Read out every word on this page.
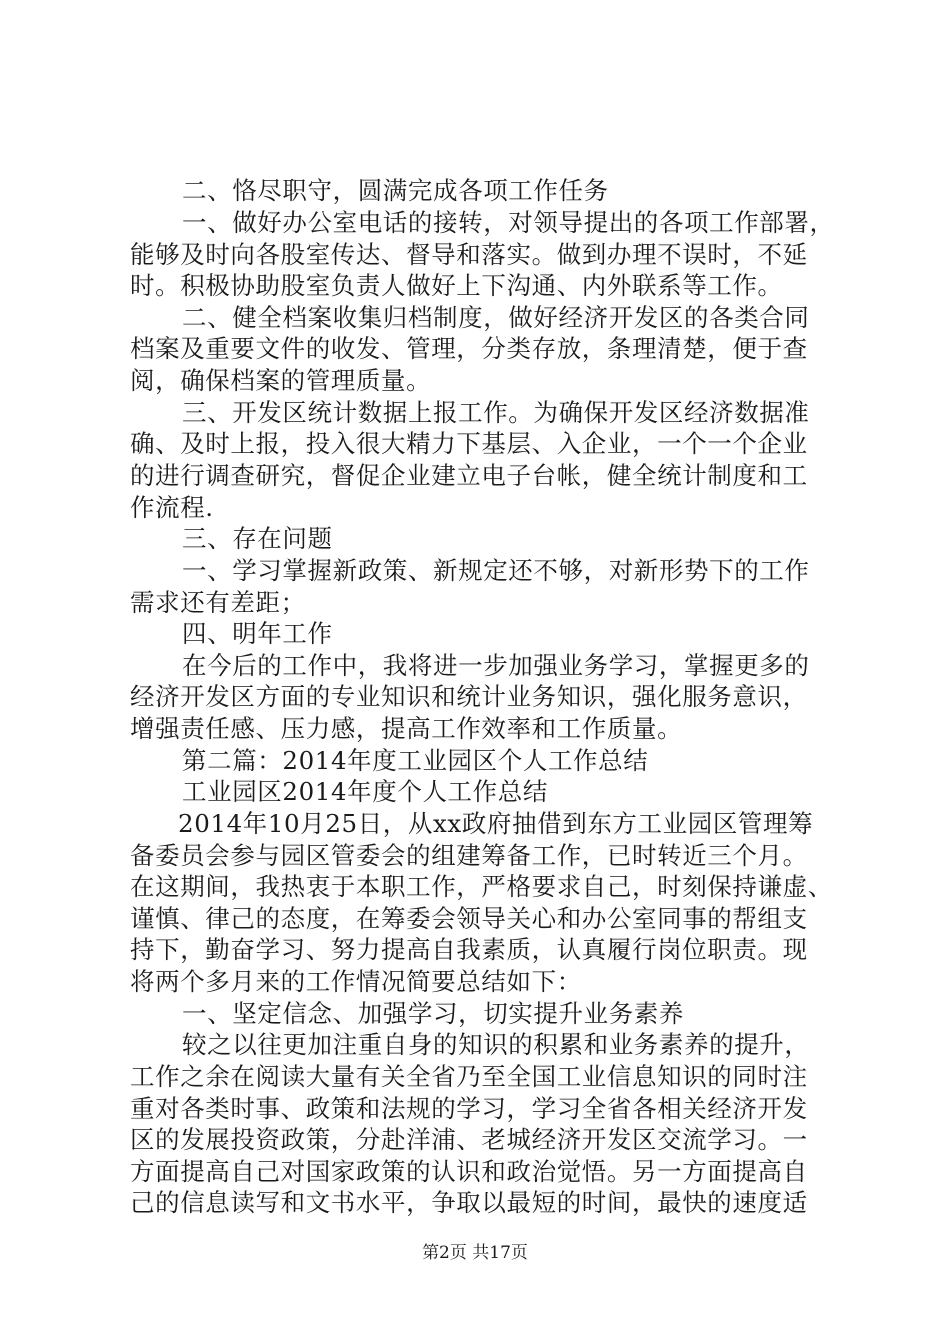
二、恪尽职守，圆满完成各项工作任务
一、做好办公室电话的接转，对领导提出的各项工作部署，
能够及时向各股室传达、督导和落实。做到办理不误时，不延
时。积极协助股室负责人做好上下沟通、内外联系等工作。
二、健全档案收集归档制度，做好经济开发区的各类合同
档案及重要文件的收发、管理，分类存放，条理清楚，便于查
阅，确保档案的管理质量。
三、开发区统计数据上报工作。为确保开发区经济数据准
确、及时上报，投入很大精力下基层、入企业，一个一个企业
的进行调查研究，督促企业建立电子台帐，健全统计制度和工
作流程.
三、存在问题
一、学习掌握新政策、新规定还不够，对新形势下的工作
需求还有差距；
四、明年工作
在今后的工作中，我将进一步加强业务学习，掌握更多的
经济开发区方面的专业知识和统计业务知识，强化服务意识，
增强责任感、压力感，提高工作效率和工作质量。
第二篇：2014年度工业园区个人工作总结
工业园区2014年度个人工作总结
2014年10月25日，从xx政府抽借到东方工业园区管理筹
备委员会参与园区管委会的组建筹备工作，已时转近三个月。
在这期间，我热衷于本职工作，严格要求自己，时刻保持谦虚、
谨慎、律己的态度，在筹委会领导关心和办公室同事的帮组支
持下，勤奋学习、努力提高自我素质，认真履行岗位职责。现
将两个多月来的工作情况简要总结如下：
一、坚定信念、加强学习，切实提升业务素养
较之以往更加注重自身的知识的积累和业务素养的提升，
工作之余在阅读大量有关全省乃至全国工业信息知识的同时注
重对各类时事、政策和法规的学习，学习全省各相关经济开发
区的发展投资政策，分赴洋浦、老城经济开发区交流学习。一
方面提高自己对国家政策的认识和政治觉悟。另一方面提高自
己的信息读写和文书水平，争取以最短的时间，最快的速度适
第2页 共17页
